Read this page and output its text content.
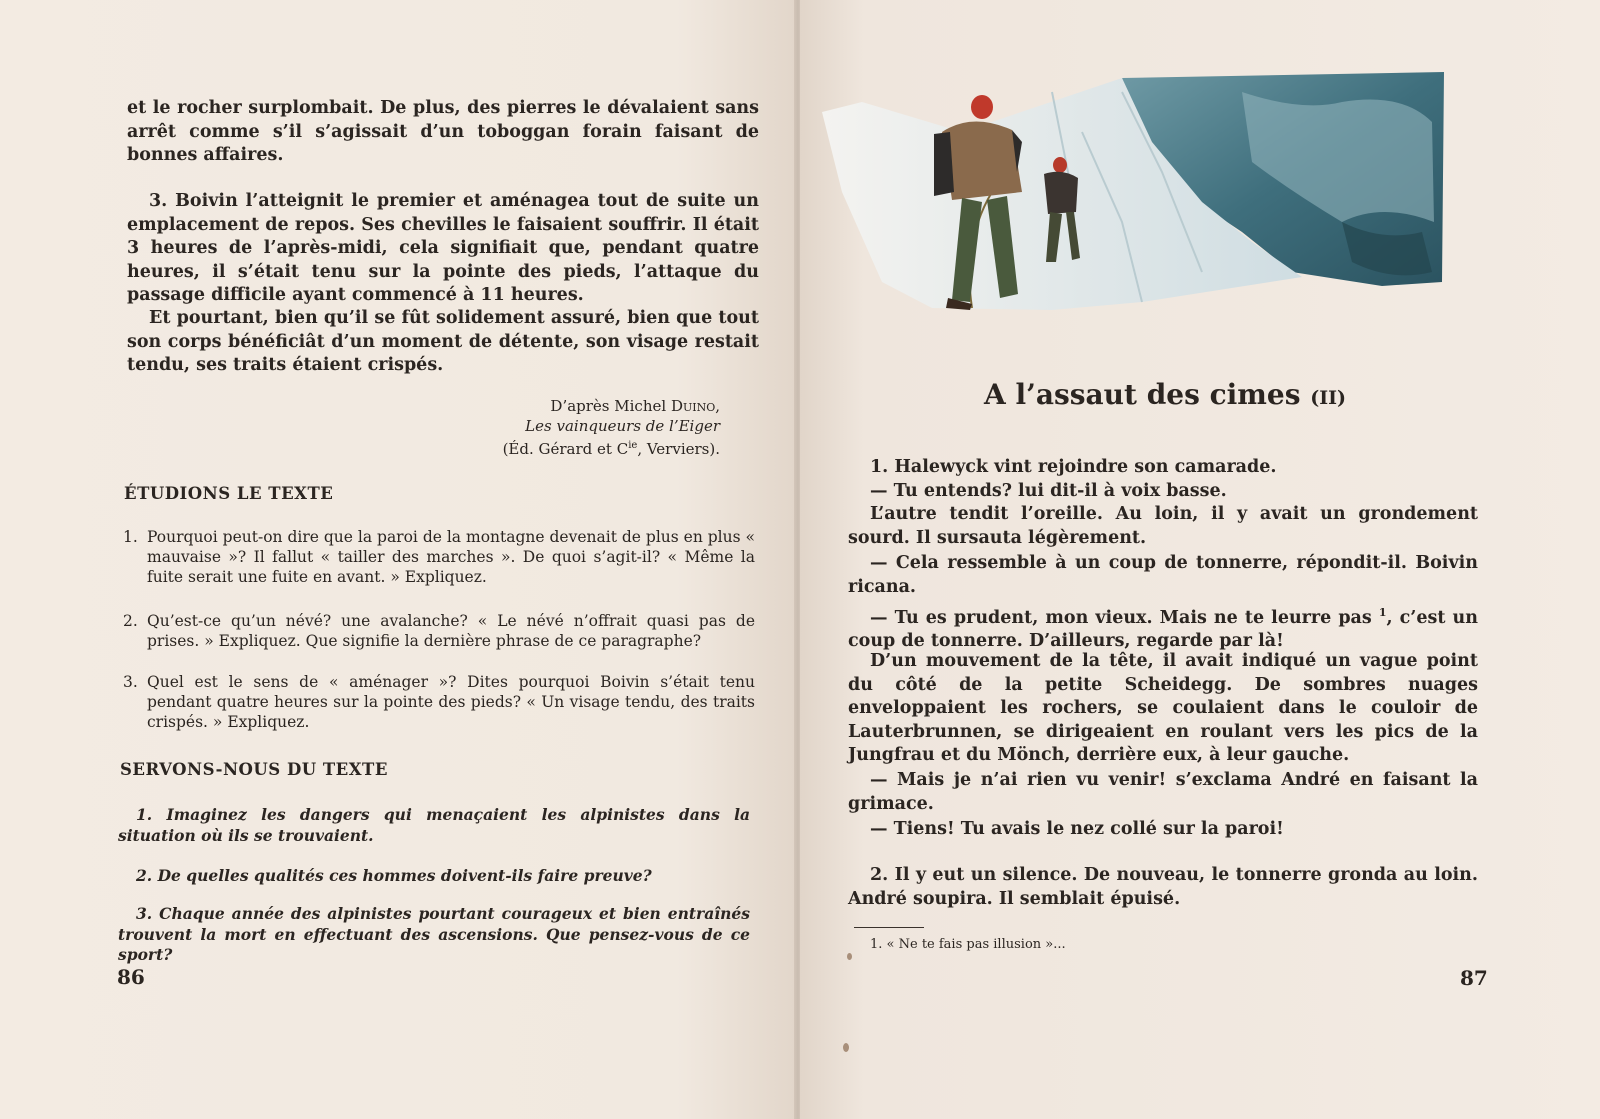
et le rocher surplombait. De plus, des pierres le dévalaient sans arrêt comme s’il s’agissait d’un toboggan forain faisant de bonnes affaires.

3. Boivin l’atteignit le premier et aménagea tout de suite un emplacement de repos. Ses chevilles le faisaient souffrir. Il était 3 heures de l’après-midi, cela signifiait que, pendant quatre heures, il s’était tenu sur la pointe des pieds, l’attaque du passage difficile ayant commencé à 11 heures.

Et pourtant, bien qu’il se fût solidement assuré, bien que tout son corps bénéficiât d’un moment de détente, son visage restait tendu, ses traits étaient crispés.

D’après Michel Duino,
Les vainqueurs de l’Eiger
(Éd. Gérard et $C^{ie}$, Verviers).
ÉTUDIONS LE TEXTE
1. Pourquoi peut-on dire que la paroi de la montagne devenait de plus en plus « mauvaise »? Il fallut « tailler des marches ». De quoi s’agit-il? « Même la fuite serait une fuite en avant. » Expliquez.
2. Qu’est-ce qu’un névé? une avalanche? « Le névé n’offrait quasi pas de prises. » Expliquez. Que signifie la dernière phrase de ce paragraphe?
3. Quel est le sens de « aménager »? Dites pourquoi Boivin s’était tenu pendant quatre heures sur la pointe des pieds? « Un visage tendu, des traits crispés. » Expliquez.
SERVONS-NOUS DU TEXTE

1. Imaginez les dangers qui menaçaient les alpinistes dans la situation où ils se trouvaient.

2. De quelles qualités ces hommes doivent-ils faire preuve?

3. Chaque année des alpinistes pourtant courageux et bien entraînés trouvent la mort en effectuant des ascensions. Que pensez-vous de ce sport?

86
A l’assaut des cimes (II)

1. Halewyck vint rejoindre son camarade.

— Tu entends? lui dit-il à voix basse.

L’autre tendit l’oreille. Au loin, il y avait un grondement sourd. Il sursauta légèrement.

— Cela ressemble à un coup de tonnerre, répondit-il. Boivin ricana.

— Tu es prudent, mon vieux. Mais ne te leurre pas $^1$, c’est un coup de tonnerre. D’ailleurs, regarde par là!

D’un mouvement de la tête, il avait indiqué un vague point du côté de la petite Scheidegg. De sombres nuages enveloppaient les rochers, se coulaient dans le couloir de Lauterbrunnen, se dirigeaient en roulant vers les pics de la Jungfrau et du Mönch, derrière eux, à leur gauche.

— Mais je n’ai rien vu venir! s’exclama André en faisant la grimace.

— Tiens! Tu avais le nez collé sur la paroi!

2. Il y eut un silence. De nouveau, le tonnerre gronda au loin. André soupira. Il semblait épuisé.

1. « Ne te fais pas illusion »...
87
